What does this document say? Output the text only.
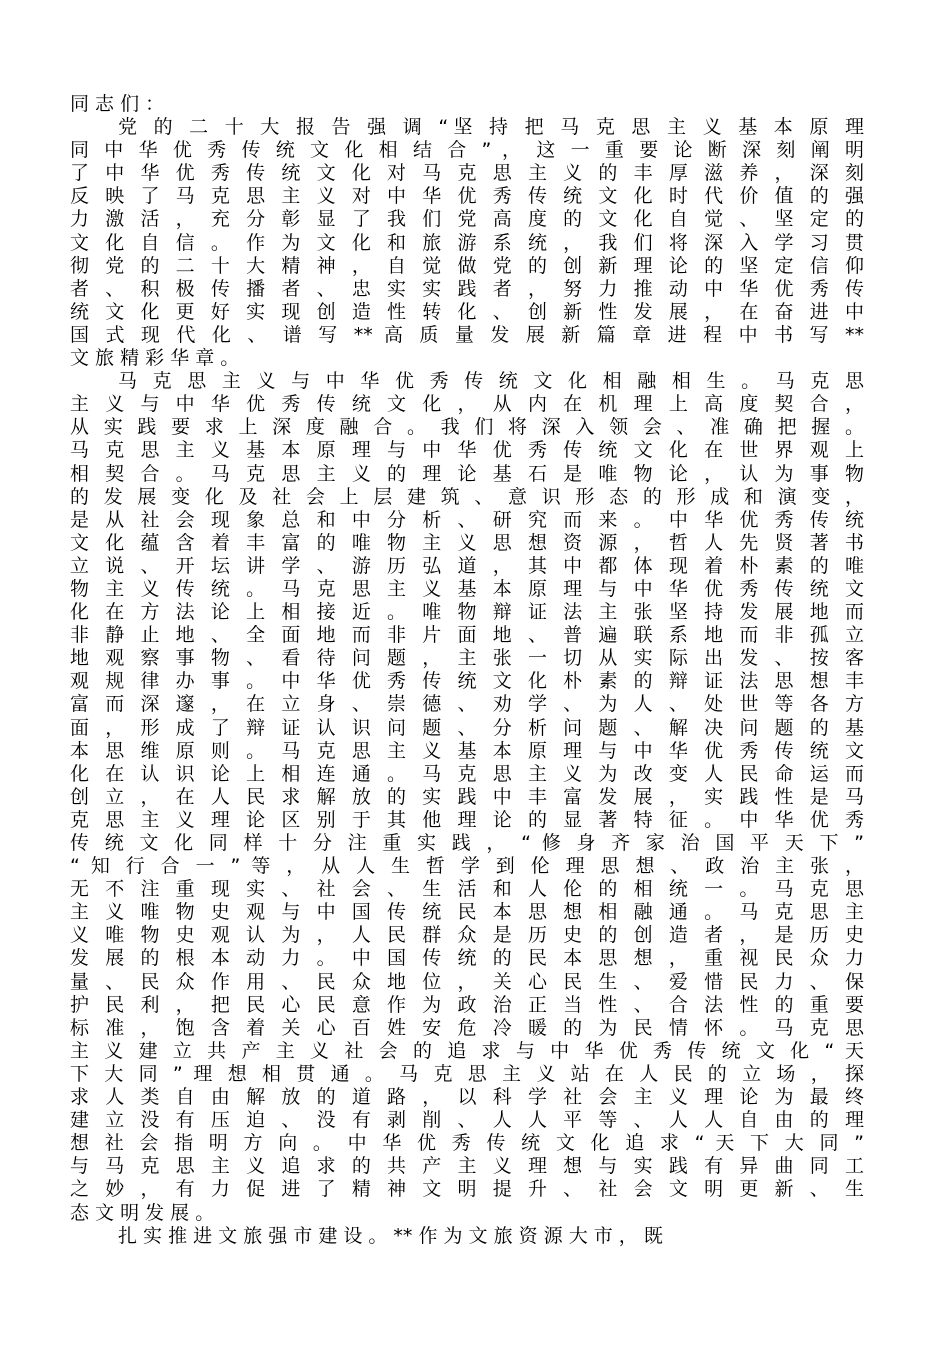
同 志 们 ：
党 的 二 十 大 报 告 强 调 “坚 持 把 马 克 思 主 义 基 本 原 理
同 中 华 优 秀 传 统 文 化 相 结 合 ” ， 这 一 重 要 论 断 深 刻 阐 明
了 中 华 优 秀 传 统 文 化 对 马 克 思 主 义 的 丰 厚 滋 养 ， 深 刻
反 映 了 马 克 思 主 义 对 中 华 优 秀 传 统 文 化 时 代 价 值 的 强
力 激 活 ， 充 分 彰 显 了 我 们 党 高 度 的 文 化 自 觉 、 坚 定 的
文 化 自 信 。 作 为 文 化 和 旅 游 系 统 ， 我 们 将 深 入 学 习 贯
彻 党 的 二 十 大 精 神 ， 自 觉 做 党 的 创 新 理 论 的 坚 定 信 仰
者 、 积 极 传 播 者 、 忠 实 实 践 者 ， 努 力 推 动 中 华 优 秀 传
统 文 化 更 好 实 现 创 造 性 转 化 、 创 新 性 发 展 ， 在 奋 进 中
国 式 现 代 化 、 谱 写 ** 高 质 量 发 展 新 篇 章 进 程 中 书 写 **
文 旅 精 彩 华 章 。
马 克 思 主 义 与 中 华 优 秀 传 统 文 化 相 融 相 生 。 马 克 思
主 义 与 中 华 优 秀 传 统 文 化 ， 从 内 在 机 理 上 高 度 契 合 ，
从 实 践 要 求 上 深 度 融 合 。 我 们 将 深 入 领 会 、 准 确 把 握 。
马 克 思 主 义 基 本 原 理 与 中 华 优 秀 传 统 文 化 在 世 界 观 上
相 契 合 。 马 克 思 主 义 的 理 论 基 石 是 唯 物 论 ， 认 为 事 物
的 发 展 变 化 及 社 会 上 层 建 筑 、 意 识 形 态 的 形 成 和 演 变 ，
是 从 社 会 现 象 总 和 中 分 析 、 研 究 而 来 。 中 华 优 秀 传 统
文 化 蕴 含 着 丰 富 的 唯 物 主 义 思 想 资 源 ， 哲 人 先 贤 著 书
立 说 、 开 坛 讲 学 、 游 历 弘 道 ， 其 中 都 体 现 着 朴 素 的 唯
物 主 义 传 统 。 马 克 思 主 义 基 本 原 理 与 中 华 优 秀 传 统 文
化 在 方 法 论 上 相 接 近 。 唯 物 辩 证 法 主 张 坚 持 发 展 地 而
非 静 止 地 、 全 面 地 而 非 片 面 地 、 普 遍 联 系 地 而 非 孤 立
地 观 察 事 物 、 看 待 问 题 ， 主 张 一 切 从 实 际 出 发 、 按 客
观 规 律 办 事 。 中 华 优 秀 传 统 文 化 朴 素 的 辩 证 法 思 想 丰
富 而 深 邃 ， 在 立 身 、 崇 德 、 劝 学 、 为 人 、 处 世 等 各 方
面 ， 形 成 了 辩 证 认 识 问 题 、 分 析 问 题 、 解 决 问 题 的 基
本 思 维 原 则 。 马 克 思 主 义 基 本 原 理 与 中 华 优 秀 传 统 文
化 在 认 识 论 上 相 连 通 。 马 克 思 主 义 为 改 变 人 民 命 运 而
创 立 ， 在 人 民 求 解 放 的 实 践 中 丰 富 发 展 ， 实 践 性 是 马
克 思 主 义 理 论 区 别 于 其 他 理 论 的 显 著 特 征 。 中 华 优 秀
传 统 文 化 同 样 十 分 注 重 实 践 ， “ 修 身 齐 家 治 国 平 天 下 ”
“ 知 行 合 一 ” 等 ， 从 人 生 哲 学 到 伦 理 思 想 、 政 治 主 张 ，
无 不 注 重 现 实 、 社 会 、 生 活 和 人 伦 的 相 统 一 。 马 克 思
主 义 唯 物 史 观 与 中 国 传 统 民 本 思 想 相 融 通 。 马 克 思 主
义 唯 物 史 观 认 为 ， 人 民 群 众 是 历 史 的 创 造 者 ， 是 历 史
发 展 的 根 本 动 力 。 中 国 传 统 的 民 本 思 想 ， 重 视 民 众 力
量 、 民 众 作 用 、 民 众 地 位 ， 关 心 民 生 、 爱 惜 民 力 、 保
护 民 利 ， 把 民 心 民 意 作 为 政 治 正 当 性 、 合 法 性 的 重 要
标 准 ， 饱 含 着 关 心 百 姓 安 危 冷 暖 的 为 民 情 怀 。 马 克 思
主 义 建 立 共 产 主 义 社 会 的 追 求 与 中 华 优 秀 传 统 文 化 “ 天
下 大 同 ” 理 想 相 贯 通 。 马 克 思 主 义 站 在 人 民 的 立 场 ， 探
求 人 类 自 由 解 放 的 道 路 ， 以 科 学 社 会 主 义 理 论 为 最 终
建 立 没 有 压 迫 、 没 有 剥 削 、 人 人 平 等 、 人 人 自 由 的 理
想 社 会 指 明 方 向 。 中 华 优 秀 传 统 文 化 追 求 “ 天 下 大 同 ”
与 马 克 思 主 义 追 求 的 共 产 主 义 理 想 与 实 践 有 异 曲 同 工
之 妙 ， 有 力 促 进 了 精 神 文 明 提 升 、 社 会 文 明 更 新 、 生
态 文 明 发 展 。
扎 实 推 进 文 旅 强 市 建 设 。 ** 作 为 文 旅 资 源 大 市 ， 既
